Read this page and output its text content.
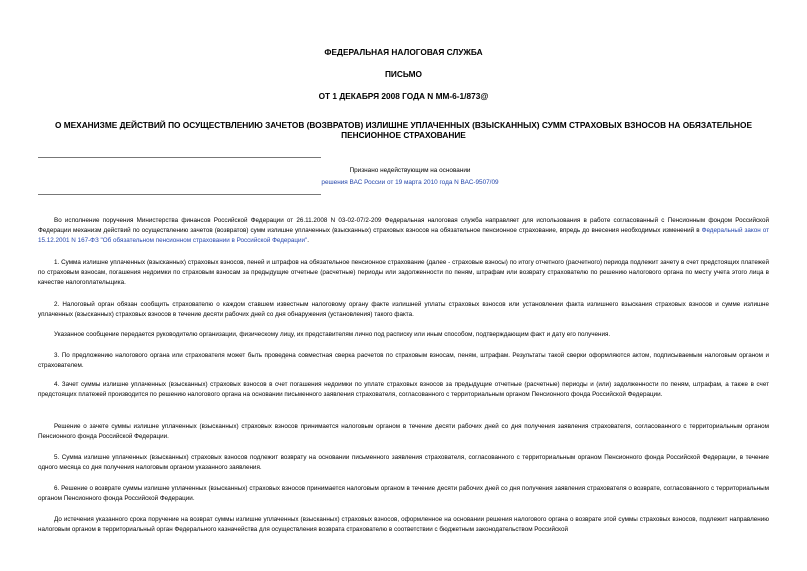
ФЕДЕРАЛЬНАЯ НАЛОГОВАЯ СЛУЖБА
ПИСЬМО
ОТ 1 ДЕКАБРЯ 2008 ГОДА N ММ-6-1/873@
О МЕХАНИЗМЕ ДЕЙСТВИЙ ПО ОСУЩЕСТВЛЕНИЮ ЗАЧЕТОВ (ВОЗВРАТОВ) ИЗЛИШНЕ УПЛАЧЕННЫХ (ВЗЫСКАННЫХ) СУММ СТРАХОВЫХ ВЗНОСОВ НА ОБЯЗАТЕЛЬНОЕ ПЕНСИОННОЕ СТРАХОВАНИЕ
Признано недействующим на основании
решения ВАС России от 19 марта 2010 года N ВАС-9507/09

Во исполнение поручения Министерства финансов Российской Федерации от 26.11.2008 N 03-02-07/2-209 Федеральная налоговая служба направляет для использования в работе согласованный с Пенсионным фондом Российской Федерации механизм действий по осуществлению зачетов (возвратов) сумм излишне уплаченных (взысканных) страховых взносов на обязательное пенсионное страхование, впредь до внесения необходимых изменений в Федеральный закон от 15.12.2001 N 167-ФЗ "Об обязательном пенсионном страховании в Российской Федерации".

1. Сумма излишне уплаченных (взысканных) страховых взносов, пеней и штрафов на обязательное пенсионное страхование (далее - страховые взносы) по итогу отчетного (расчетного) периода подлежит зачету в счет предстоящих платежей по страховым взносам, погашения недоимки по страховым взносам за предыдущие отчетные (расчетные) периоды или задолженности по пеням, штрафам или возврату страхователю по решению налогового органа по месту учета этого лица в качестве налогоплательщика.

2. Налоговый орган обязан сообщить страхователю о каждом ставшем известным налоговому органу факте излишней уплаты страховых взносов или установлении факта излишнего взыскания страховых взносов и сумме излишне уплаченных (взысканных) страховых взносов в течение десяти рабочих дней со дня обнаружения (установления) такого факта.

Указанное сообщение передается руководителю организации, физическому лицу, их представителям лично под расписку или иным способом, подтверждающим факт и дату его получения.

3. По предложению налогового органа или страхователя может быть проведена совместная сверка расчетов по страховым взносам, пеням, штрафам. Результаты такой сверки оформляются актом, подписываемым налоговым органом и страхователем.

4. Зачет суммы излишне уплаченных (взысканных) страховых взносов в счет погашения недоимки по уплате страховых взносов за предыдущие отчетные (расчетные) периоды и (или) задолженности по пеням, штрафам, а также в счет предстоящих платежей производится по решению налогового органа на основании письменного заявления страхователя, согласованного с территориальным органом Пенсионного фонда Российской Федерации.

Решение о зачете суммы излишне уплаченных (взысканных) страховых взносов принимается налоговым органом в течение десяти рабочих дней со дня получения заявления страхователя, согласованного с территориальным органом Пенсионного фонда Российской Федерации.

5. Сумма излишне уплаченных (взысканных) страховых взносов подлежит возврату на основании письменного заявления страхователя, согласованного с территориальным органом Пенсионного фонда Российской Федерации, в течение одного месяца со дня получения налоговым органом указанного заявления.

6. Решение о возврате суммы излишне уплаченных (взысканных) страховых взносов принимается налоговым органом в течение десяти рабочих дней со дня получения заявления страхователя о возврате, согласованного с территориальным органом Пенсионного фонда Российской Федерации.

До истечения указанного срока поручение на возврат суммы излишне уплаченных (взысканных) страховых взносов, оформленное на основании решения налогового органа о возврате этой суммы страховых взносов, подлежит направлению налоговым органом в территориальный орган Федерального казначейства для осуществления возврата страхователю в соответствии с бюджетным законодательством Российской
